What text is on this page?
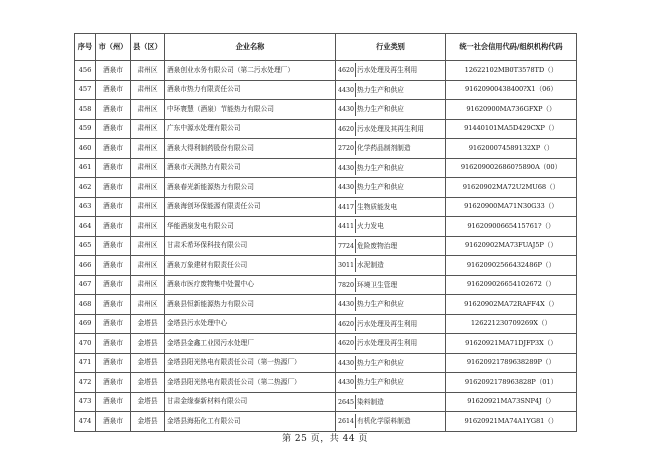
序号	市（州）	县（区）	企业名称	行业类别	统一社会信用代码/组织机构代码
456	酒泉市	肃州区	酒泉创业水务有限公司（第二污水处理厂）	4620 污水处理及再生利用	12622102MB0T3578TD（）
457	酒泉市	肃州区	酒泉市热力有限责任公司	4430 热力生产和供应	91620900438400?X1（06）
458	酒泉市	肃州区	中环寰慧（酒泉）节能热力有限公司	4430 热力生产和供应	91620900MA736GFXP（）
459	酒泉市	肃州区	广东中源水处理有限公司	4620 污水处理及其再生利用	91440101MA5D429CXP（）
460	酒泉市	肃州区	酒泉大得利制药股份有限公司	2720 化学药品制剂制造	916200074589132XP（）
461	酒泉市	肃州区	酒泉市天润热力有限公司	4430 热力生产和供应	9162090026860?5890A（00）
462	酒泉市	肃州区	酒泉春光新能源热力有限公司	4430 热力生产和供应	91620902MA72U2MU68（）
463	酒泉市	肃州区	酒泉海创环保能源有限责任公司	4417 生物质能发电	91620900MA71N30G33（）
464	酒泉市	肃州区	华能酒泉发电有限公司	4411 火力发电	91620900665415761?（）
465	酒泉市	肃州区	甘肃禾希环保科技有限公司	7724 危险废物治理	91620902MA73FUAJ5P（）
466	酒泉市	肃州区	酒泉万象建材有限责任公司	3011 水泥制造	91620902566432486P（）
467	酒泉市	肃州区	酒泉市医疗废物集中处置中心	7820 环境卫生管理	916209026654102672（）
468	酒泉市	肃州区	酒泉县恒新能源热力有限公司	4430 热力生产和供应	91620902MA72RAFF4X（）
469	酒泉市	金塔县	金塔县污水处理中心	4620 污水处理及再生利用	126221230709269X（）
470	酒泉市	金塔县	金塔县金鑫工业园污水处理厂	4620 污水处理及再生利用	91620921MA71DJFP3X（）
471	酒泉市	金塔县	金塔县阳光热电有限责任公司（第一热源厂）	4430 热力生产和供应	91620921789638289P（）
472	酒泉市	金塔县	金塔县阳光热电有限责任公司（第二热源厂）	4430 热力生产和供应	9162092178963828P（01）
473	酒泉市	金塔县	甘肃金缘泰新材料有限公司	2645 染料制造	91620921MA73SNP4J（）
474	酒泉市	金塔县	金塔县海拓化工有限公司	2614 有机化学原料制造	91620921MA74A1YG81（）
第 25 页，共 44 页
